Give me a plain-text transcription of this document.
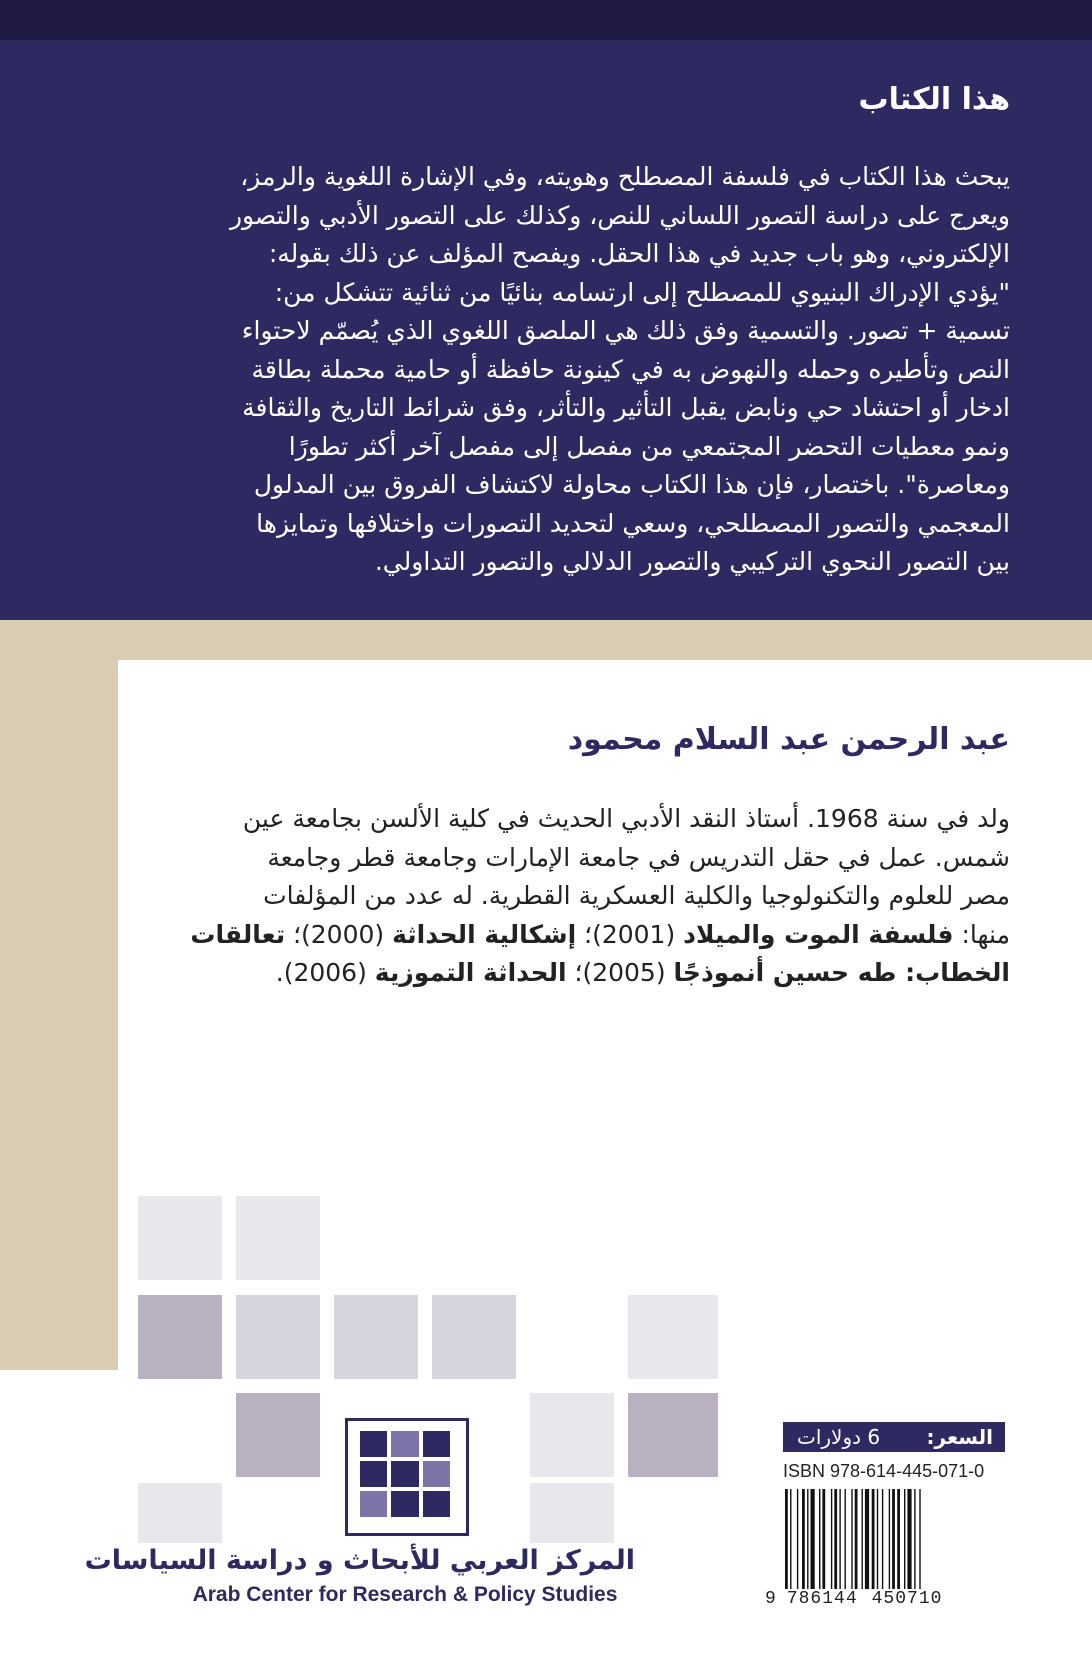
هذا الكتاب
يبحث هذا الكتاب في فلسفة المصطلح وهويته، وفي الإشارة اللغوية والرمز،
ويعرج على دراسة التصور اللساني للنص، وكذلك على التصور الأدبي والتصور
الإلكتروني، وهو باب جديد في هذا الحقل. ويفصح المؤلف عن ذلك بقوله:
"يؤدي الإدراك البنيوي للمصطلح إلى ارتسامه بنائيًا من ثنائية تتشكل من:
تسمية + تصور. والتسمية وفق ذلك هي الملصق اللغوي الذي يُصمّم لاحتواء
النص وتأطيره وحمله والنهوض به في كينونة حافظة أو حامية محملة بطاقة
ادخار أو احتشاد حي ونابض يقبل التأثير والتأثر، وفق شرائط التاريخ والثقافة
ونمو معطيات التحضر المجتمعي من مفصل إلى مفصل آخر أكثر تطورًا
ومعاصرة". باختصار، فإن هذا الكتاب محاولة لاكتشاف الفروق بين المدلول
المعجمي والتصور المصطلحي، وسعي لتحديد التصورات واختلافها وتمايزها
بين التصور النحوي التركيبي والتصور الدلالي والتصور التداولي.
عبد الرحمن عبد السلام محمود
ولد في سنة 1968. أستاذ النقد الأدبي الحديث في كلية الألسن بجامعة عين
شمس. عمل في حقل التدريس في جامعة الإمارات وجامعة قطر وجامعة
مصر للعلوم والتكنولوجيا والكلية العسكرية القطرية. له عدد من المؤلفات
منها: فلسفة الموت والميلاد (2001)؛ إشكالية الحداثة (2000)؛ تعالقات
الخطاب: طه حسين أنموذجًا (2005)؛ الحداثة التموزية (2006).
المركز العربي للأبحاث و دراسة السياسات
Arab Center for Research & Policy Studies
السعر:
6 دولارات
ISBN 978-614-445-071-0
9 786144 450710
